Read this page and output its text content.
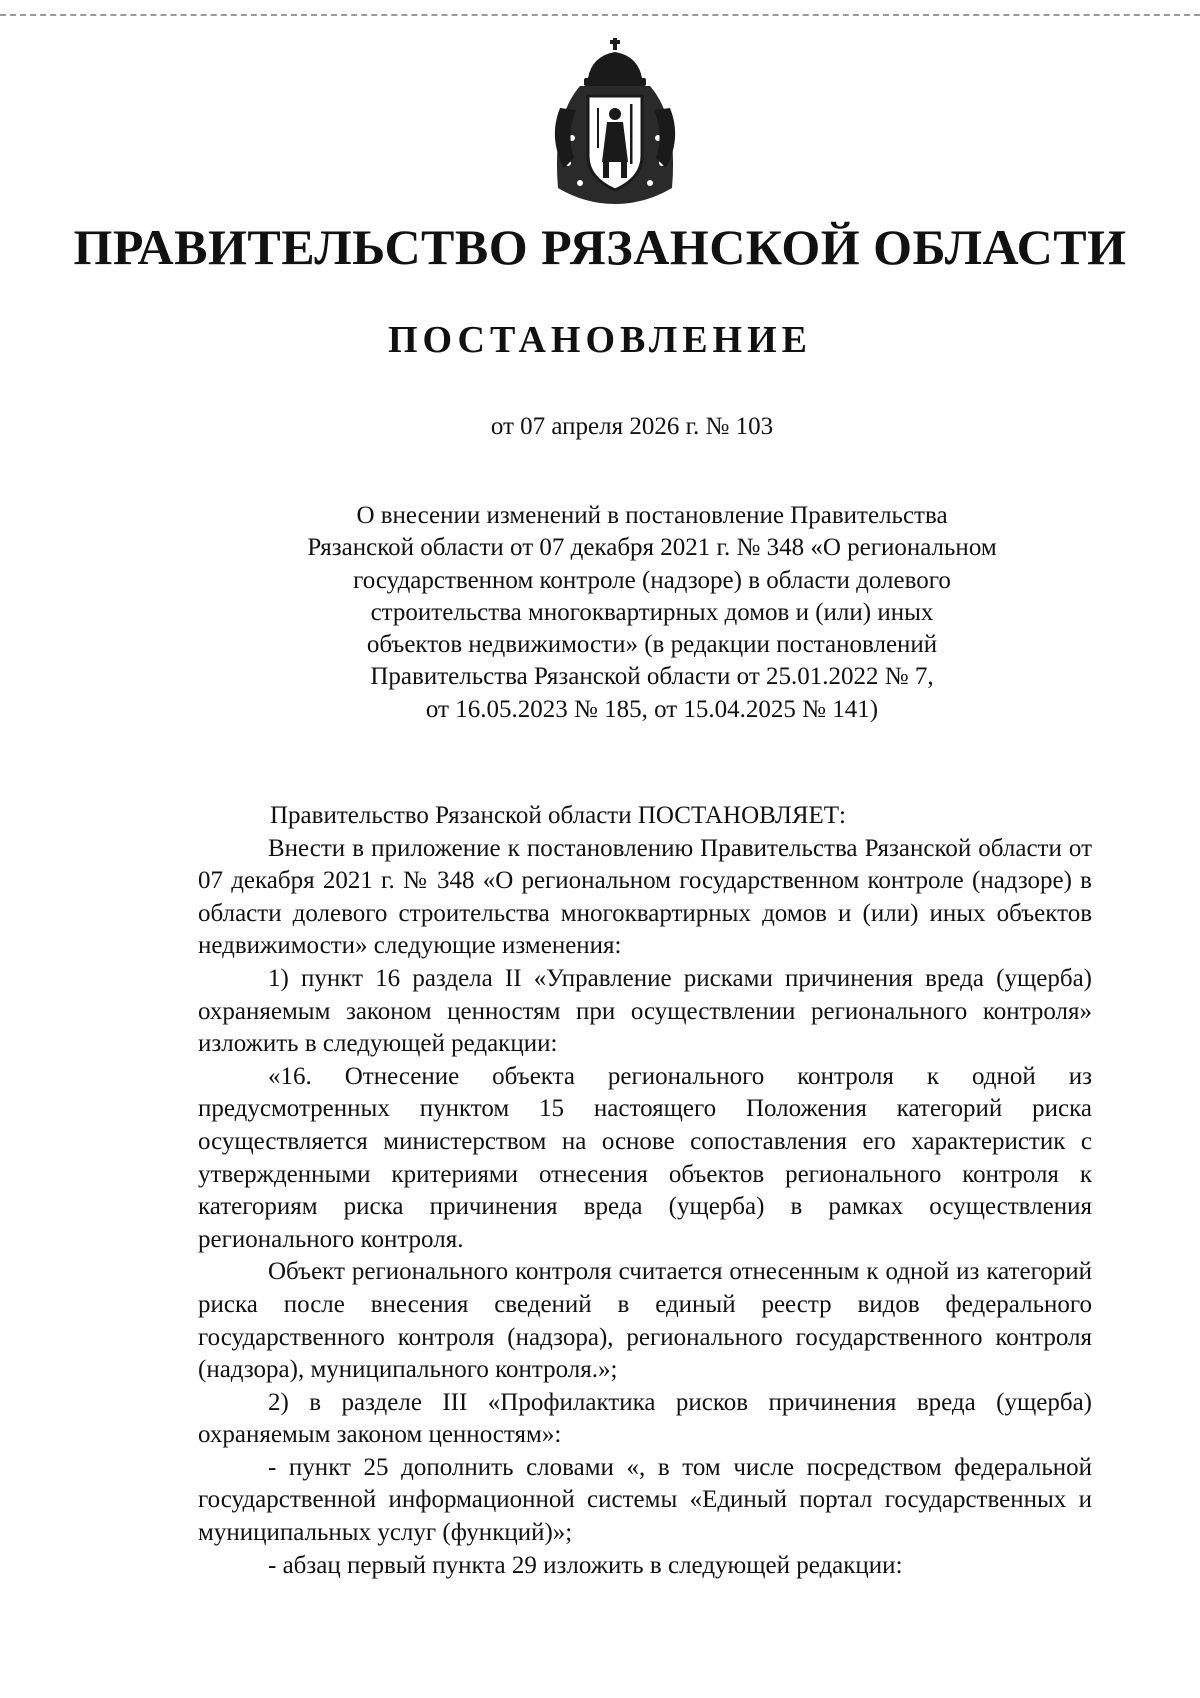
ПРАВИТЕЛЬСТВО РЯЗАНСКОЙ ОБЛАСТИ
ПОСТАНОВЛЕНИЕ
от 07 апреля 2026 г. № 103
О внесении изменений в постановление Правительства
Рязанской области от 07 декабря 2021 г. № 348 «О региональном
государственном контроле (надзоре) в области долевого
строительства многоквартирных домов и (или) иных
объектов недвижимости» (в редакции постановлений
Правительства Рязанской области от 25.01.2022 № 7,
от 16.05.2023 № 185, от 15.04.2025 № 141)

Правительство Рязанской области ПОСТАНОВЛЯЕТ:

Внести в приложение к постановлению Правительства Рязанской области от 07 декабря 2021 г. № 348 «О региональном государственном контроле (надзоре) в области долевого строительства многоквартирных домов и (или) иных объектов недвижимости» следующие изменения:

1) пункт 16 раздела II «Управление рисками причинения вреда (ущерба) охраняемым законом ценностям при осуществлении регионального контроля» изложить в следующей редакции:

«16. Отнесение объекта регионального контроля к одной из предусмотренных пунктом 15 настоящего Положения категорий риска осуществляется министерством на основе сопоставления его характеристик с утвержденными критериями отнесения объектов регионального контроля к категориям риска причинения вреда (ущерба) в рамках осуществления регионального контроля.

Объект регионального контроля считается отнесенным к одной из категорий риска после внесения сведений в единый реестр видов федерального государственного контроля (надзора), регионального государственного контроля (надзора), муниципального контроля.»;

2) в разделе III «Профилактика рисков причинения вреда (ущерба) охраняемым законом ценностям»:

- пункт 25 дополнить словами «, в том числе посредством федеральной государственной информационной системы «Единый портал государственных и муниципальных услуг (функций)»;

- абзац первый пункта 29 изложить в следующей редакции:
